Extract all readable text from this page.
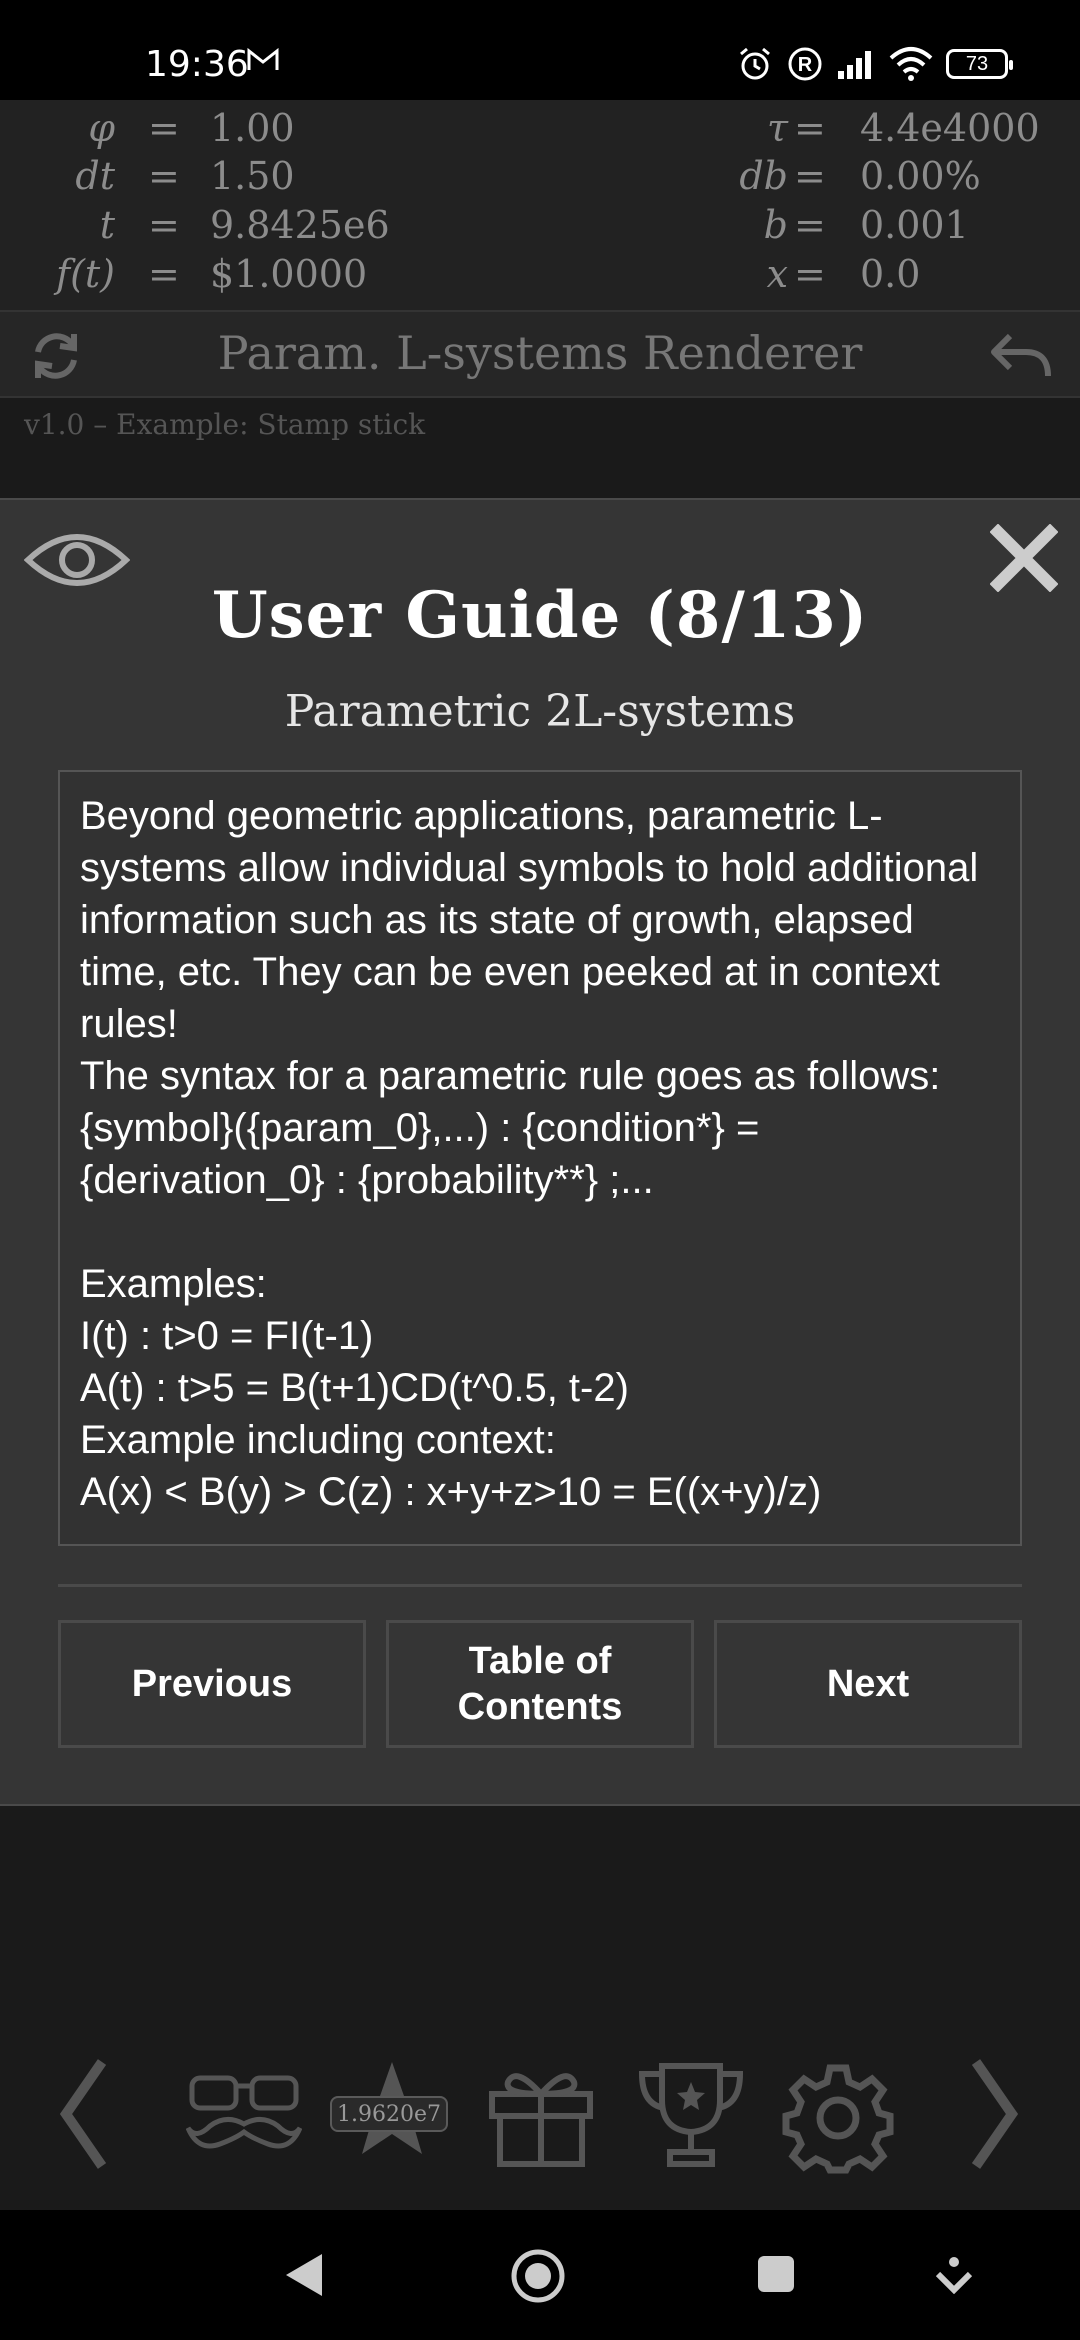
19:36	R	73
φ = 1.00
dt = 1.50
t = 9.8425e6
f(t) = $1.0000
τ = 4.4e4000
db = 0.00%
b = 0.001
x = 0.0
Param. L-systems Renderer
v1.0 – Example: Stamp stick
User Guide (8/13)
Parametric 2L-systems
Beyond geometric applications, parametric L-systems allow individual symbols to hold additional information such as its state of growth, elapsed time, etc. They can be even peeked at in context rules!
The syntax for a parametric rule goes as follows:
{symbol}({param_0},...) : {condition*} = {derivation_0} : {probability**} ;...

Examples:
I(t) : t>0 = FI(t-1)
A(t) : t>5 = B(t+1)CD(t^0.5, t-2)
Example including context:
A(x) < B(y) > C(z) : x+y+z>10 = E((x+y)/z)
Previous
Table of
Contents
Next
1.9620e7
